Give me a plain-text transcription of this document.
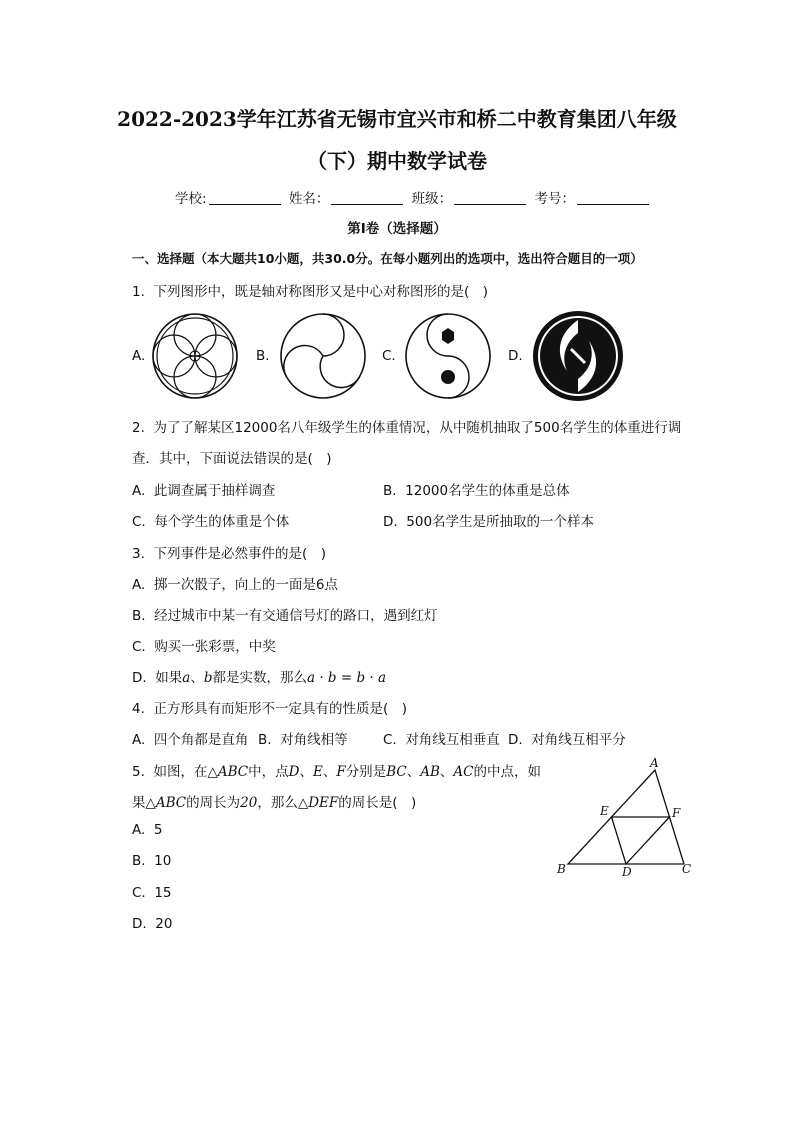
2022-2023学年江苏省无锡市宜兴市和桥二中教育集团八年级
（下）期中数学试卷
学校:	姓名：	班级：	考号：
第I卷（选择题）
一、选择题（本大题共10小题，共30.0分。在每小题列出的选项中，选出符合题目的一项）
1. 下列图形中，既是轴对称图形又是中心对称图形的是(　)
A.	B.	C.	D.
2. 为了了解某区12000名八年级学生的体重情况，从中随机抽取了500名学生的体重进行调
查．其中，下面说法错误的是(　)
A. 此调查属于抽样调查	B. 12000名学生的体重是总体
C. 每个学生的体重是个体	D. 500名学生是所抽取的一个样本
3. 下列事件是必然事件的是(　)
A. 掷一次骰子，向上的一面是6点
B. 经过城市中某一有交通信号灯的路口，遇到红灯
C. 购买一张彩票，中奖
D. 如果a、b都是实数，那么a · b = b · a
4. 正方形具有而矩形不一定具有的性质是(　)
A. 四个角都是直角 B. 对角线相等	C. 对角线互相垂直 D. 对角线互相平分
5. 如图，在△ABC中，点D、E、F分别是BC、AB、AC的中点，如
果△ABC的周长为20，那么△DEF的周长是(　)
A. 5
B. 10
C. 15
D. 20
A
B	C
D
E	F
